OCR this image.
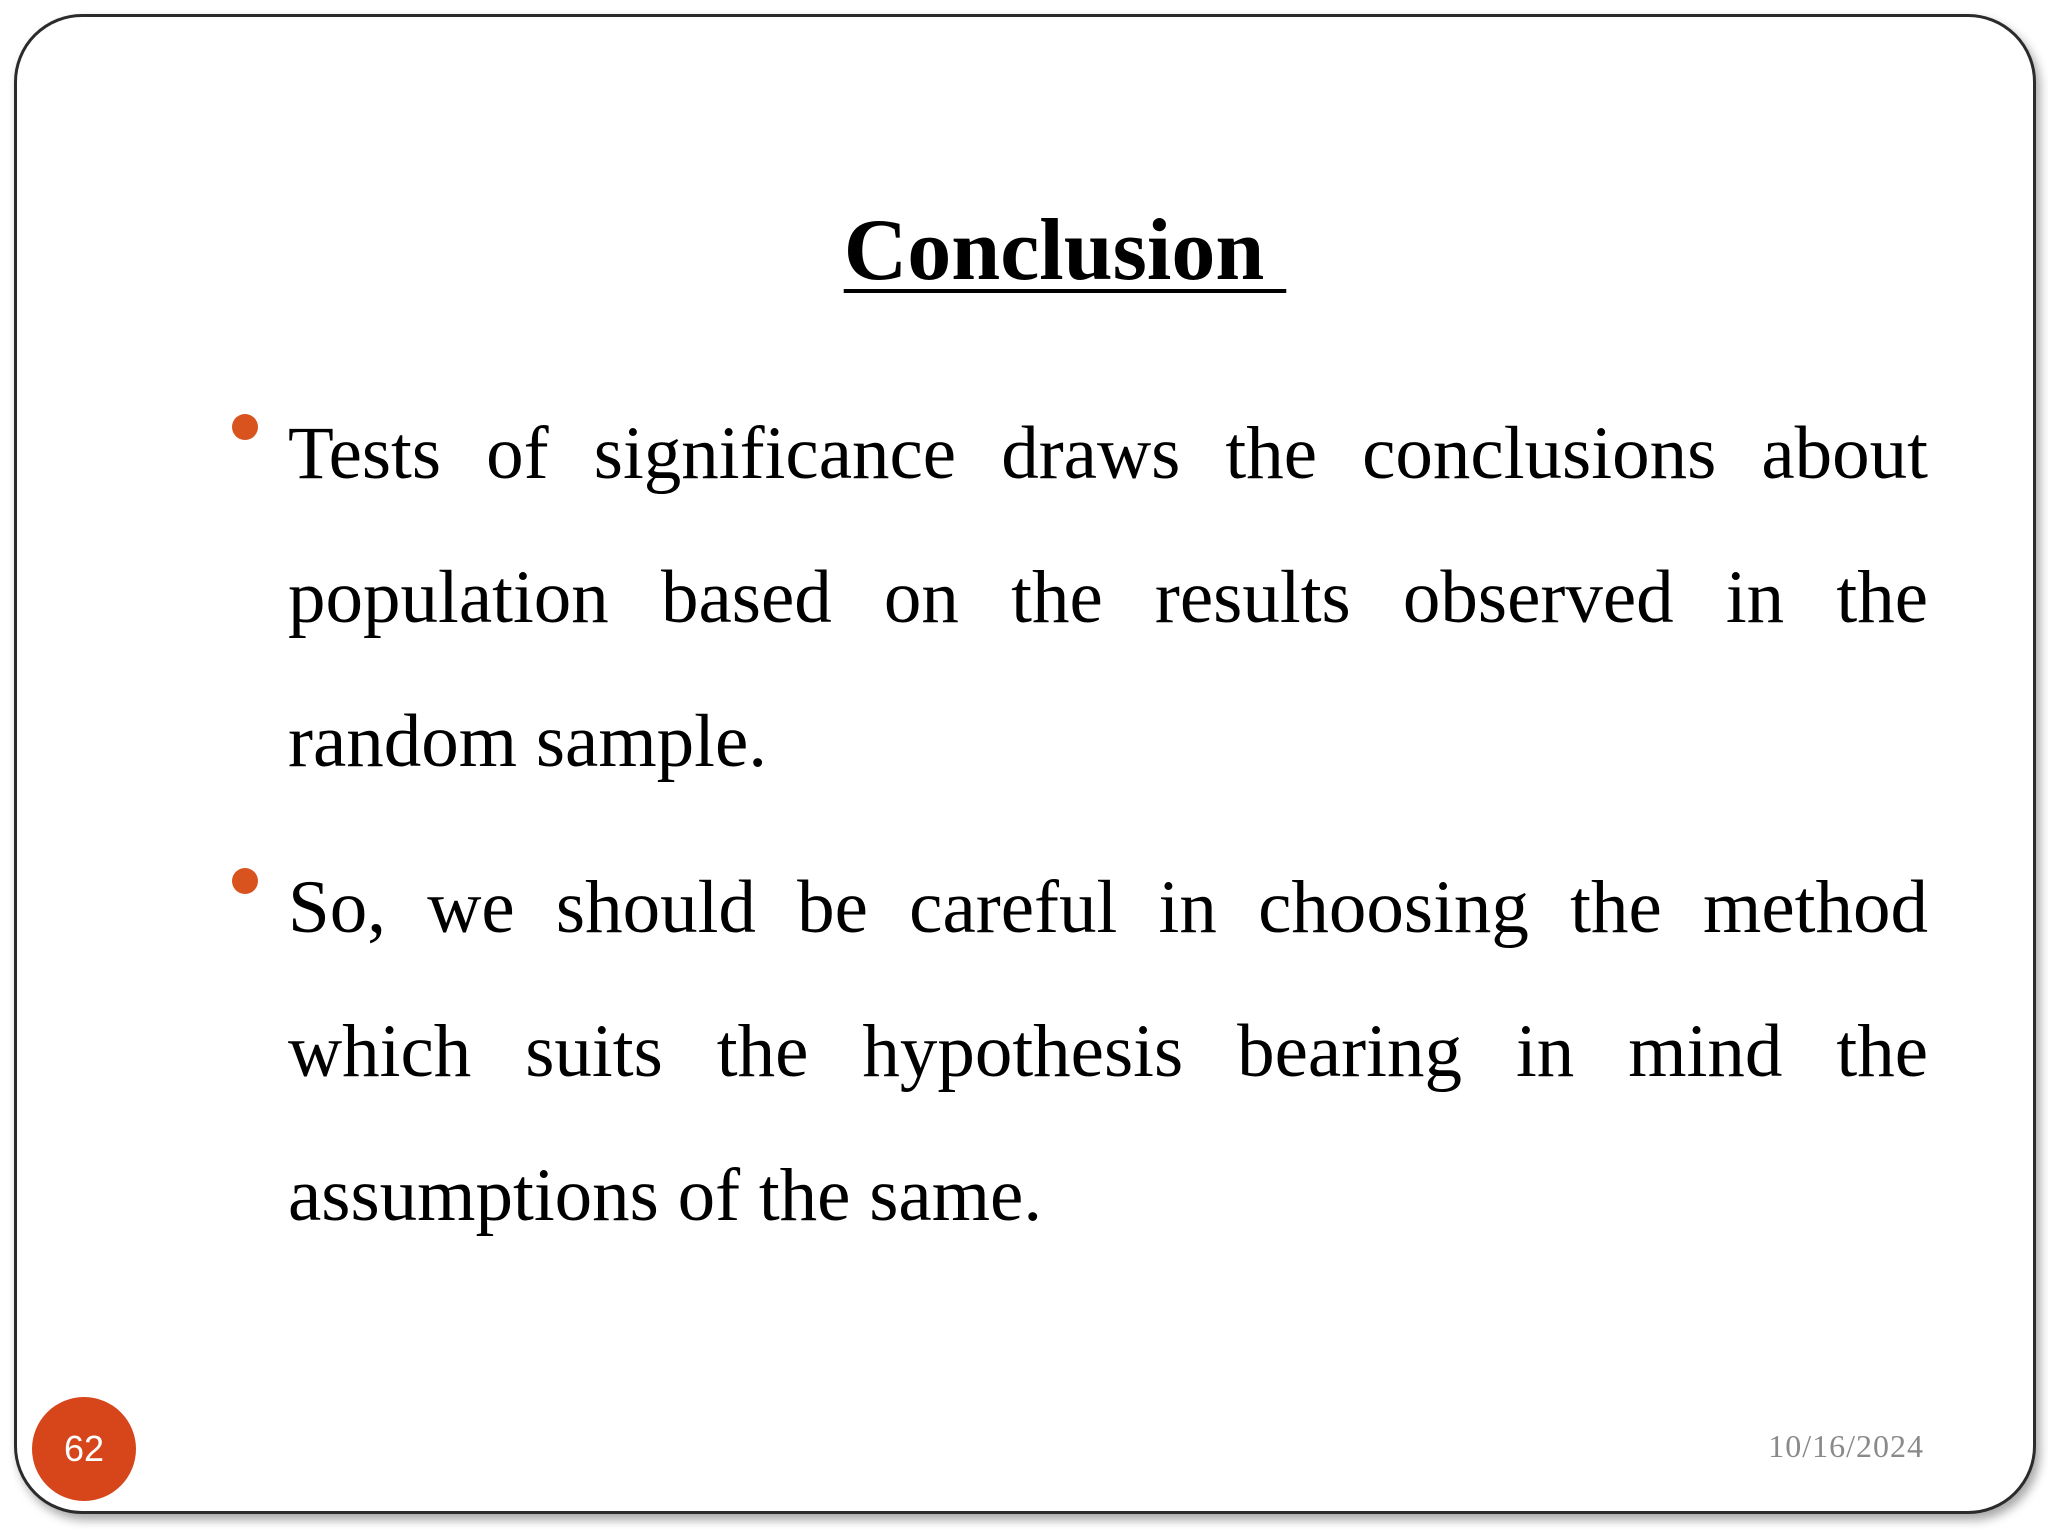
Conclusion

Tests of significance draws the conclusions about population based on the results observed in the random sample.

So, we should be careful in choosing the method which suits the hypothesis bearing in mind the assumptions of the same.

62	10/16/2024
